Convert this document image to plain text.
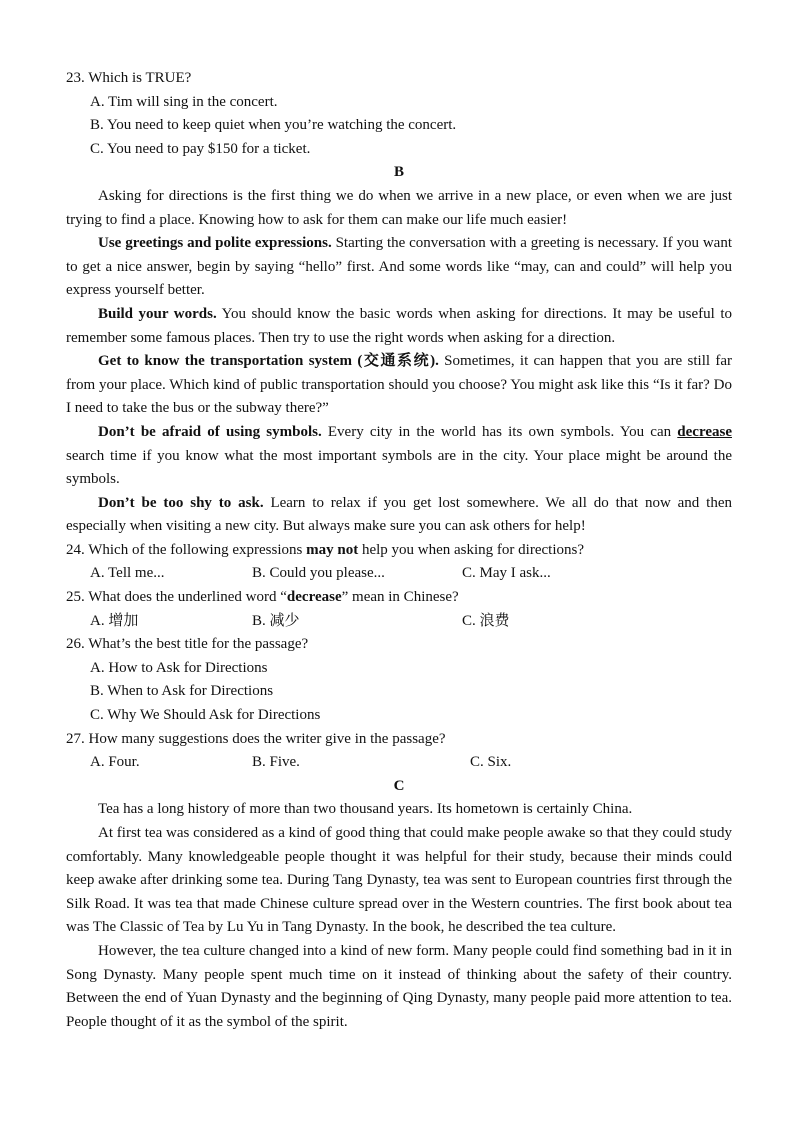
23. Which is TRUE?

A. Tim will sing in the concert.

B. You need to keep quiet when you’re watching the concert.

C. You need to pay $150 for a ticket.

B

Asking for directions is the first thing we do when we arrive in a new place, or even when we are just trying to find a place. Knowing how to ask for them can make our life much easier!

Use greetings and polite expressions. Starting the conversation with a greeting is necessary. If you want to get a nice answer, begin by saying “hello” first. And some words like “may, can and could” will help you express yourself better.

Build your words. You should know the basic words when asking for directions. It may be useful to remember some famous places. Then try to use the right words when asking for a direction.

Get to know the transportation system (交通系统). Sometimes, it can happen that you are still far from your place. Which kind of public transportation should you choose? You might ask like this “Is it far? Do I need to take the bus or the subway there?”

Don’t be afraid of using symbols. Every city in the world has its own symbols. You can decrease search time if you know what the most important symbols are in the city. Your place might be around the symbols.

Don’t be too shy to ask. Learn to relax if you get lost somewhere. We all do that now and then especially when visiting a new city. But always make sure you can ask others for help!

24. Which of the following expressions may not help you when asking for directions?

A. Tell me...	B. Could you please...	C. May I ask...

25. What does the underlined word “decrease” mean in Chinese?

A. 增加	B. 减少	C. 浪费

26. What’s the best title for the passage?

A. How to Ask for Directions

B. When to Ask for Directions

C. Why We Should Ask for Directions

27. How many suggestions does the writer give in the passage?

A. Four.	B. Five.	C. Six.

C

Tea has a long history of more than two thousand years. Its hometown is certainly China.

At first tea was considered as a kind of good thing that could make people awake so that they could study comfortably. Many knowledgeable people thought it was helpful for their study, because their minds could keep awake after drinking some tea. During Tang Dynasty, tea was sent to European countries first through the Silk Road. It was tea that made Chinese culture spread over in the Western countries. The first book about tea was The Classic of Tea by Lu Yu in Tang Dynasty. In the book, he described the tea culture.

However, the tea culture changed into a kind of new form. Many people could find something bad in it in Song Dynasty. Many people spent much time on it instead of thinking about the safety of their country. Between the end of Yuan Dynasty and the beginning of Qing Dynasty, many people paid more attention to tea. People thought of it as the symbol of the spirit.
